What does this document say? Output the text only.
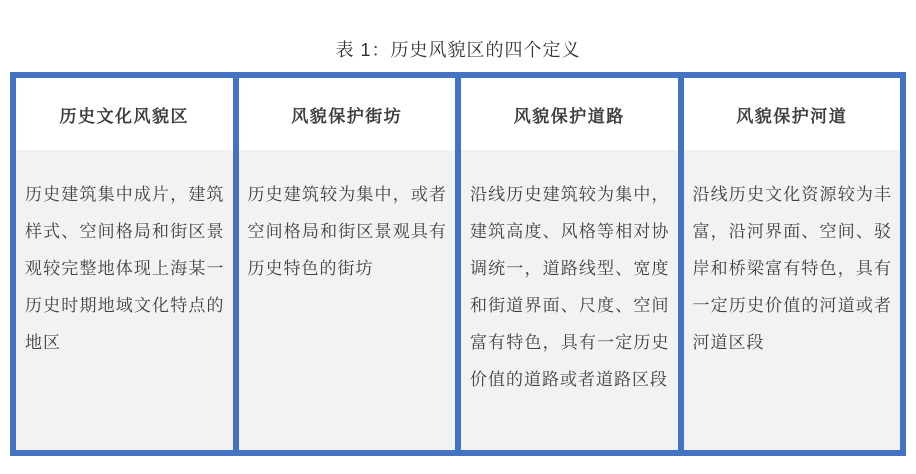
表 1：历史风貌区的四个定义
历史文化风貌区
历史建筑集中成片，建筑样式、空间格局和街区景观较完整地体现上海某一历史时期地域文化特点的地区
风貌保护街坊
历史建筑较为集中，或者空间格局和街区景观具有历史特色的街坊
风貌保护道路
沿线历史建筑较为集中，建筑高度、风格等相对协调统一，道路线型、宽度和街道界面、尺度、空间富有特色，具有一定历史价值的道路或者道路区段
风貌保护河道
沿线历史文化资源较为丰富，沿河界面、空间、驳岸和桥梁富有特色，具有一定历史价值的河道或者河道区段
